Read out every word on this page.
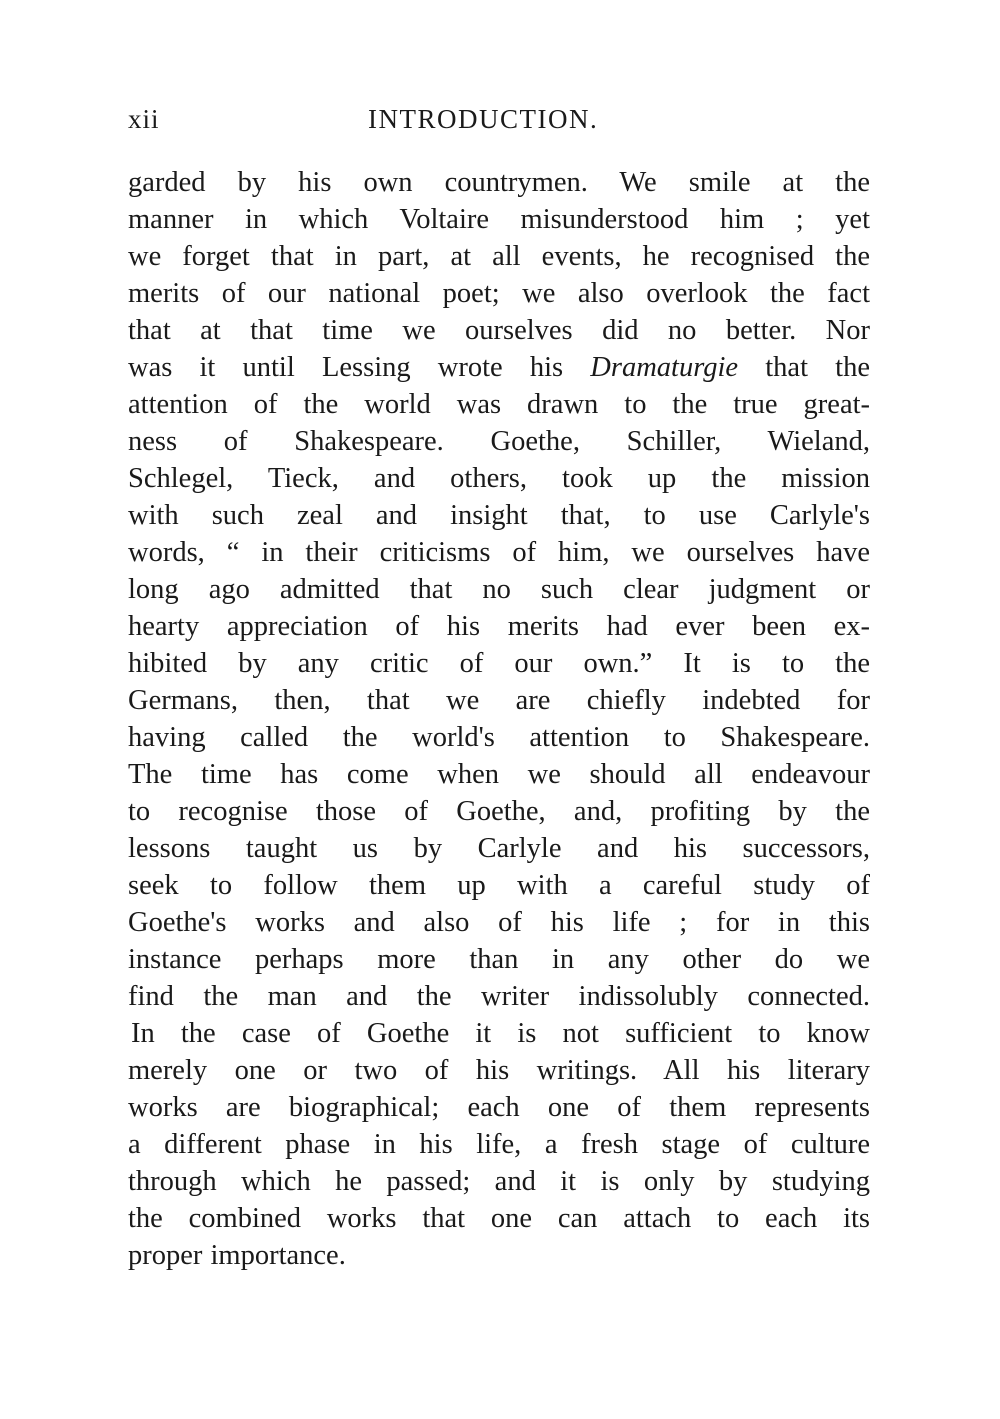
xii	INTRODUCTION.
garded by his own countrymen. We smile at the
manner in which Voltaire misunderstood him ; yet
we forget that in part, at all events, he recognised the
merits of our national poet; we also overlook the fact
that at that time we ourselves did no better. Nor
was it until Lessing wrote his Dramaturgie that the
attention of the world was drawn to the true great-
ness of Shakespeare. Goethe, Schiller, Wieland,
Schlegel, Tieck, and others, took up the mission
with such zeal and insight that, to use Carlyle's
words, “ in their criticisms of him, we ourselves have
long ago admitted that no such clear judgment or
hearty appreciation of his merits had ever been ex-
hibited by any critic of our own.” It is to the
Germans, then, that we are chiefly indebted for
having called the world's attention to Shakespeare.
The time has come when we should all endeavour
to recognise those of Goethe, and, profiting by the
lessons taught us by Carlyle and his successors,
seek to follow them up with a careful study of
Goethe's works and also of his life ; for in this
instance perhaps more than in any other do we
find the man and the writer indissolubly connected.
In the case of Goethe it is not sufficient to know
merely one or two of his writings. All his literary
works are biographical; each one of them represents
a different phase in his life, a fresh stage of culture
through which he passed; and it is only by studying
the combined works that one can attach to each its
proper importance.
